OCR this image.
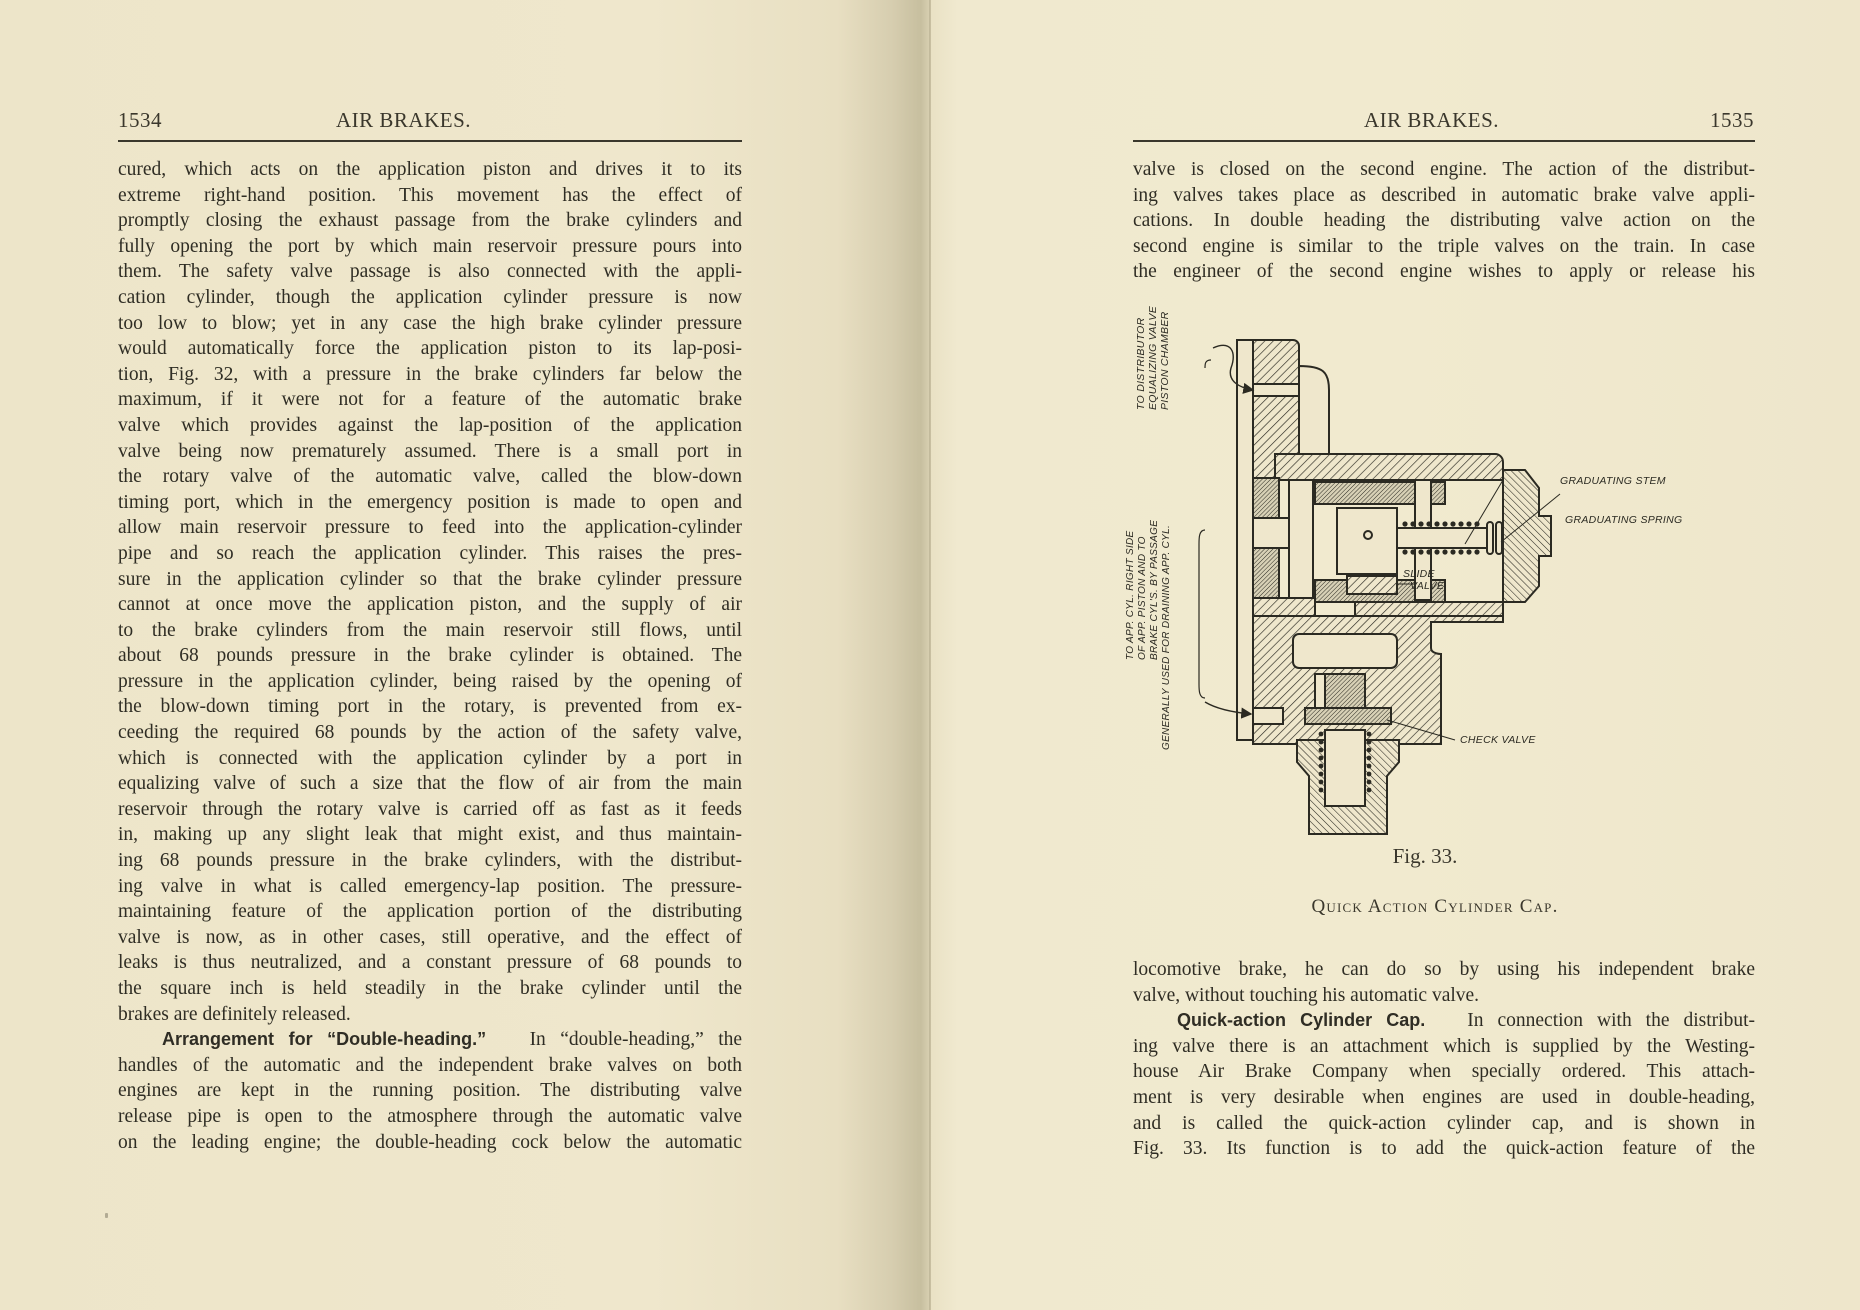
1534	AIR BRAKES.
cured, which acts on the application piston and drives it to its
extreme right-hand position. This movement has the effect of
promptly closing the exhaust passage from the brake cylinders and
fully opening the port by which main reservoir pressure pours into
them. The safety valve passage is also connected with the appli-
cation cylinder, though the application cylinder pressure is now
too low to blow; yet in any case the high brake cylinder pressure
would automatically force the application piston to its lap-posi-
tion, Fig. 32, with a pressure in the brake cylinders far below the
maximum, if it were not for a feature of the automatic brake
valve which provides against the lap-position of the application
valve being now prematurely assumed. There is a small port in
the rotary valve of the automatic valve, called the blow-down
timing port, which in the emergency position is made to open and
allow main reservoir pressure to feed into the application-cylinder
pipe and so reach the application cylinder. This raises the pres-
sure in the application cylinder so that the brake cylinder pressure
cannot at once move the application piston, and the supply of air
to the brake cylinders from the main reservoir still flows, until
about 68 pounds pressure in the brake cylinder is obtained. The
pressure in the application cylinder, being raised by the opening of
the blow-down timing port in the rotary, is prevented from ex-
ceeding the required 68 pounds by the action of the safety valve,
which is connected with the application cylinder by a port in
equalizing valve of such a size that the flow of air from the main
reservoir through the rotary valve is carried off as fast as it feeds
in, making up any slight leak that might exist, and thus maintain-
ing 68 pounds pressure in the brake cylinders, with the distribut-
ing valve in what is called emergency-lap position. The pressure-
maintaining feature of the application portion of the distributing
valve is now, as in other cases, still operative, and the effect of
leaks is thus neutralized, and a constant pressure of 68 pounds to
the square inch is held steadily in the brake cylinder until the
brakes are definitely released.
Arrangement for “Double-heading.” In “double-heading,” the
handles of the automatic and the independent brake valves on both
engines are kept in the running position. The distributing valve
release pipe is open to the atmosphere through the automatic valve
on the leading engine; the double-heading cock below the automatic
AIR BRAKES.	1535
valve is closed on the second engine. The action of the distribut-
ing valves takes place as described in automatic brake valve appli-
cations. In double heading the distributing valve action on the
second engine is similar to the triple valves on the train. In case
the engineer of the second engine wishes to apply or release his
locomotive brake, he can do so by using his independent brake
valve, without touching his automatic valve.
Quick-action Cylinder Cap. In connection with the distribut-
ing valve there is an attachment which is supplied by the Westing-
house Air Brake Company when specially ordered. This attach-
ment is very desirable when engines are used in double-heading,
and is called the quick-action cylinder cap, and is shown in
Fig. 33. Its function is to add the quick-action feature of the
TO DISTRIBUTOR EQUALIZING VALVE PISTON CHAMBER
TO APP. CYL. RIGHT SIDE OF APP. PISTON AND TO BRAKE CYL'S. BY PASSAGE GENERALLY USED FOR DRAINING APP. CYL.
GRADUATING STEM
GRADUATING SPRING
SLIDE
VALVE
CHECK VALVE
Fig. 33.
Quick Action Cylinder Cap.
